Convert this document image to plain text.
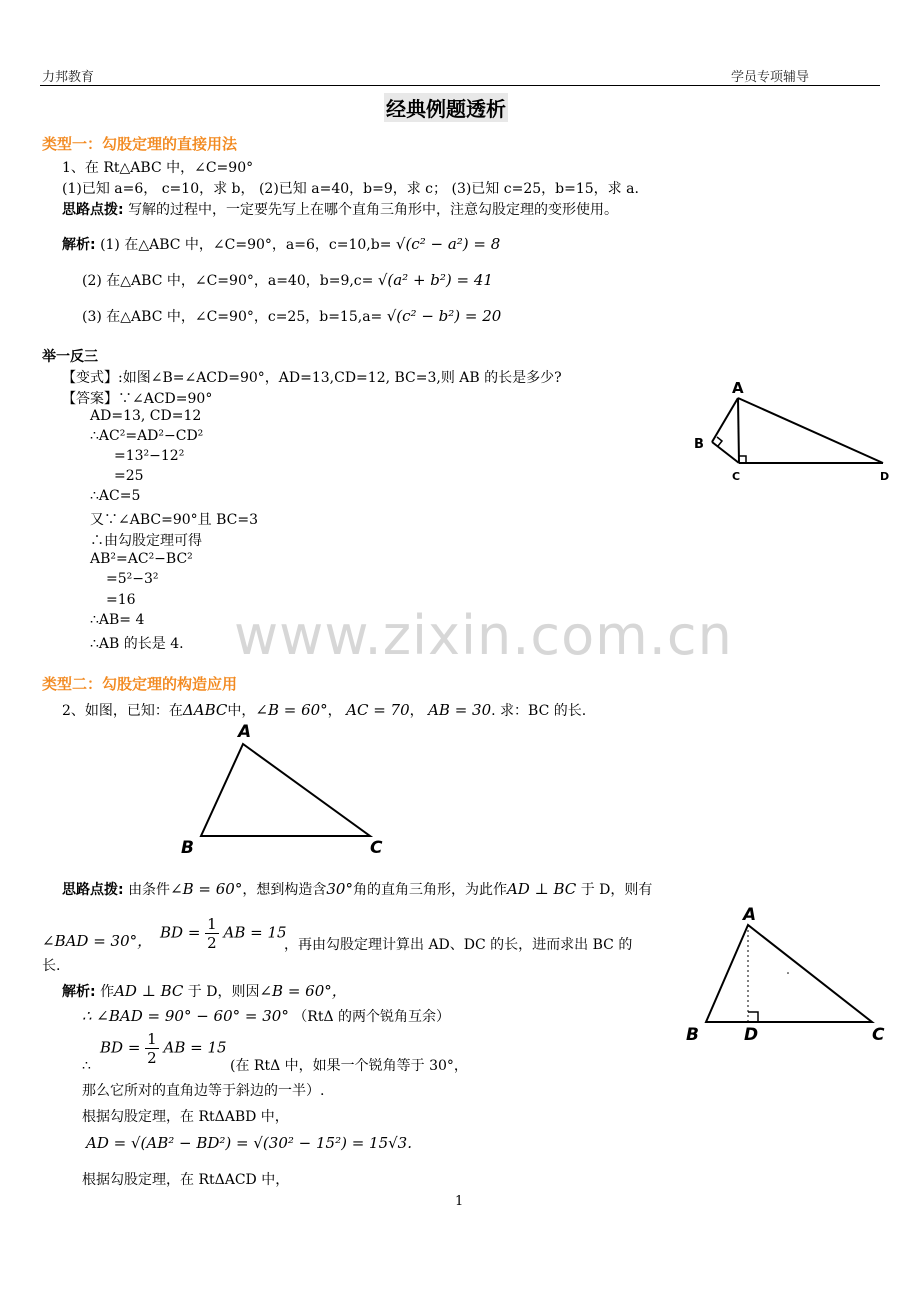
力邦教育	学员专项辅导
经典例题透析
类型一：勾股定理的直接用法
1、在 Rt△ABC 中，∠C=90°
(1)已知 a=6， c=10，求 b， (2)已知 a=40，b=9，求 c； (3)已知 c=25，b=15，求 a.
思路点拨: 写解的过程中，一定要先写上在哪个直角三角形中，注意勾股定理的变形使用。
解析: (1) 在△ABC 中，∠C=90°，a=6，c=10,b= √(c² − a²) = 8
(2) 在△ABC 中，∠C=90°，a=40，b=9,c= √(a² + b²) = 41
(3) 在△ABC 中，∠C=90°，c=25，b=15,a= √(c² − b²) = 20
举一反三
【变式】:如图∠B=∠ACD=90°，AD=13,CD=12, BC=3,则 AB 的长是多少?
【答案】∵∠ACD=90°
AD=13, CD=12
∴AC²=AD²−CD²
=13²−12²
=25
∴AC=5
又∵∠ABC=90°且 BC=3
∴由勾股定理可得
AB²=AC²−BC²
=5²−3²
=16
∴AB= 4
∴AB 的长是 4.
A
B
C	D
www.zixin.com.cn
类型二：勾股定理的构造应用
2、如图，已知：在ΔABC中，∠B = 60°， AC = 70， AB = 30. 求：BC 的长.
A
B	C
思路点拨: 由条件∠B = 60°，想到构造含30°角的直角三角形，为此作AD ⊥ BC 于 D，则有
∠BAD = 30°， BD = $\frac{1}{2}$ AB = 15
，再由勾股定理计算出 AD、DC 的长，进而求出 BC 的
长.
解析: 作AD ⊥ BC 于 D，则因∠B = 60°，
∴ ∠BAD = 90° − 60° = 30° （RtΔ 的两个锐角互余）
BD = $\frac{1}{2}$ AB = 15
∴	(在 RtΔ 中，如果一个锐角等于 30°，
那么它所对的直角边等于斜边的一半）.
根据勾股定理，在 RtΔABD 中，
AD = √(AB² − BD²) = √(30² − 15²) = 15√3.
根据勾股定理，在 RtΔACD 中，
A
B	D	C
1
